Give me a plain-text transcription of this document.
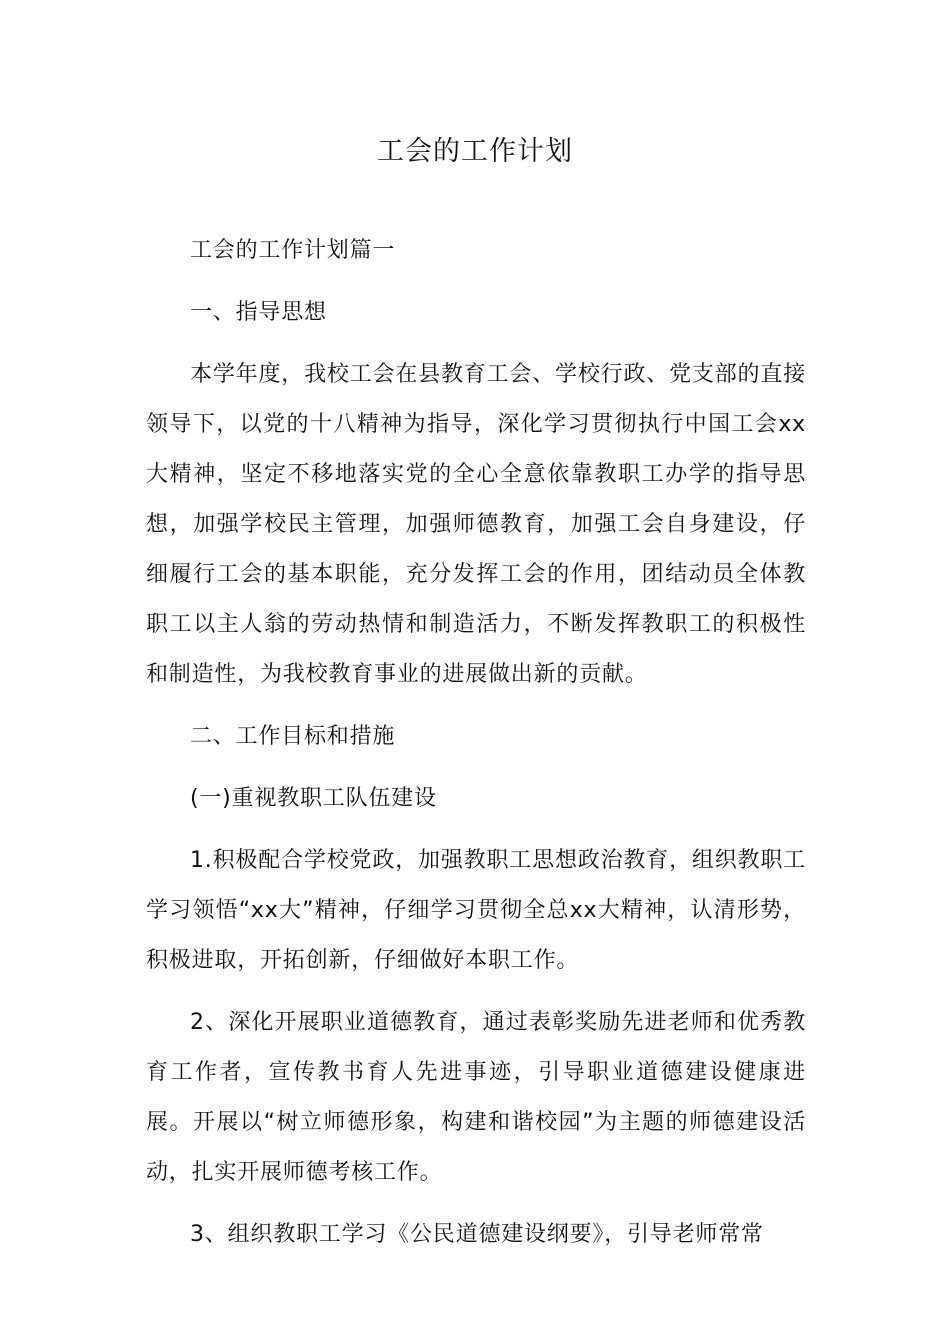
工会的工作计划

工会的工作计划篇一

一、指导思想

本学年度，我校工会在县教育工会、学校行政、党支部的直接领导下，以党的十八精神为指导，深化学习贯彻执行中国工会xx大精神，坚定不移地落实党的全心全意依靠教职工办学的指导思想，加强学校民主管理，加强师德教育，加强工会自身建设，仔细履行工会的基本职能，充分发挥工会的作用，团结动员全体教职工以主人翁的劳动热情和制造活力，不断发挥教职工的积极性和制造性，为我校教育事业的进展做出新的贡献。

二、工作目标和措施

(一)重视教职工队伍建设

1.积极配合学校党政，加强教职工思想政治教育，组织教职工学习领悟“xx大”精神，仔细学习贯彻全总xx大精神，认清形势，积极进取，开拓创新，仔细做好本职工作。

2、深化开展职业道德教育，通过表彰奖励先进老师和优秀教育工作者，宣传教书育人先进事迹，引导职业道德建设健康进展。开展以“树立师德形象，构建和谐校园”为主题的师德建设活动，扎实开展师德考核工作。

3、组织教职工学习《公民道德建设纲要》，引导老师常常
